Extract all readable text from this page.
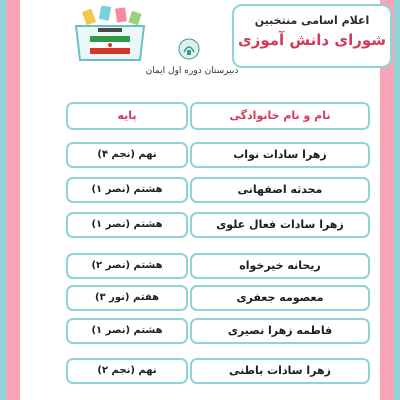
اعلام اسامی منتخبین
شورای دانش آموزی
دبیرستان دوره اول ایمان
نام و نام خانوادگی
پایه
زهرا سادات نواب
نهم (نجم ۴)
محدثه اصفهانی
هشتم (نصر ۱)
زهرا سادات فعال علوی
هشتم (نصر ۱)
ریحانه خیرخواه
هشتم (نصر ۲)
معصومه جعفری
هفتم (نور ۳)
فاطمه زهرا نصیری
هشتم (نصر ۱)
زهرا سادات باطنی
نهم (نجم ۲)
